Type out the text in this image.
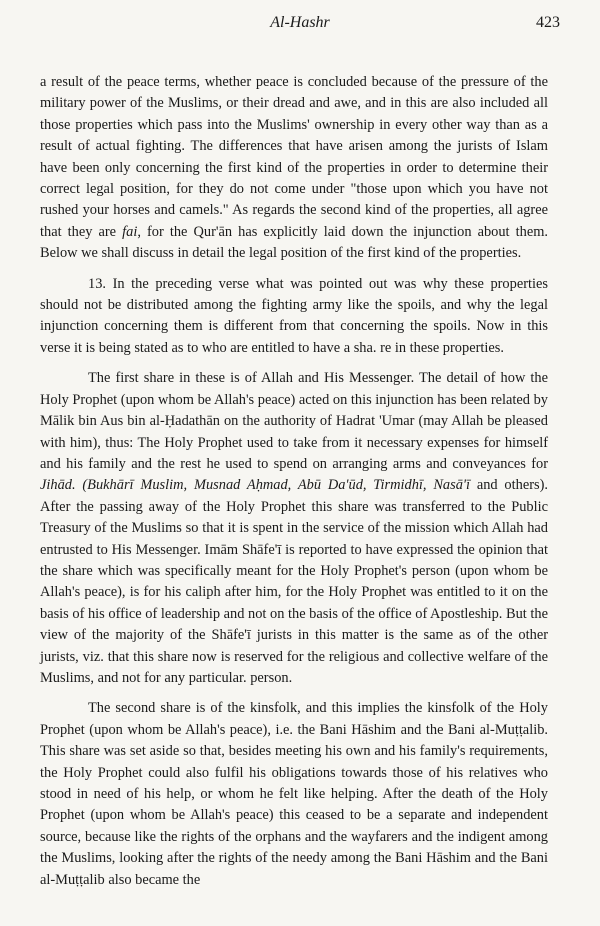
Al-Hashr	423

a result of the peace terms, whether peace is concluded because of the pressure of the military power of the Muslims, or their dread and awe, and in this are also included all those properties which pass into the Muslims' ownership in every other way than as a result of actual fighting. The differences that have arisen among the jurists of Islam have been only concerning the first kind of the properties in order to determine their correct legal position, for they do not come under "those upon which you have not rushed your horses and camels." As regards the second kind of the properties, all agree that they are fai, for the Qur'ān has explicitly laid down the injunction about them. Below we shall discuss in detail the legal position of the first kind of the properties.

13. In the preceding verse what was pointed out was why these properties should not be distributed among the fighting army like the spoils, and why the legal injunction concerning them is different from that concerning the spoils. Now in this verse it is being stated as to who are entitled to have a sha. re in these properties.

The first share in these is of Allah and His Messenger. The detail of how the Holy Prophet (upon whom be Allah's peace) acted on this injunction has been related by Mālik bin Aus bin al-Ḥadathān on the authority of Hadrat 'Umar (may Allah be pleased with him), thus: The Holy Prophet used to take from it necessary expenses for himself and his family and the rest he used to spend on arranging arms and conveyances for Jihād. (Bukhārī Muslim, Musnad Aḥmad, Abū Da'ūd, Tirmidhī, Nasā'ī and others). After the passing away of the Holy Prophet this share was transferred to the Public Treasury of the Muslims so that it is spent in the service of the mission which Allah had entrusted to His Messenger. Imām Shāfe'ī is reported to have expressed the opinion that the share which was specifically meant for the Holy Prophet's person (upon whom be Allah's peace), is for his caliph after him, for the Holy Prophet was entitled to it on the basis of his office of leadership and not on the basis of the office of Apostleship. But the view of the majority of the Shāfe'ī jurists in this matter is the same as of the other jurists, viz. that this share now is reserved for the religious and collective welfare of the Muslims, and not for any particular. person.

The second share is of the kinsfolk, and this implies the kinsfolk of the Holy Prophet (upon whom be Allah's peace), i.e. the Bani Hāshim and the Bani al-Muṭṭalib. This share was set aside so that, besides meeting his own and his family's requirements, the Holy Prophet could also fulfil his obligations towards those of his relatives who stood in need of his help, or whom he felt like helping. After the death of the Holy Prophet (upon whom be Allah's peace) this ceased to be a separate and independent source, because like the rights of the orphans and the wayfarers and the indigent among the Muslims, looking after the rights of the needy among the Bani Hāshim and the Bani al-Muṭṭalib also became the
